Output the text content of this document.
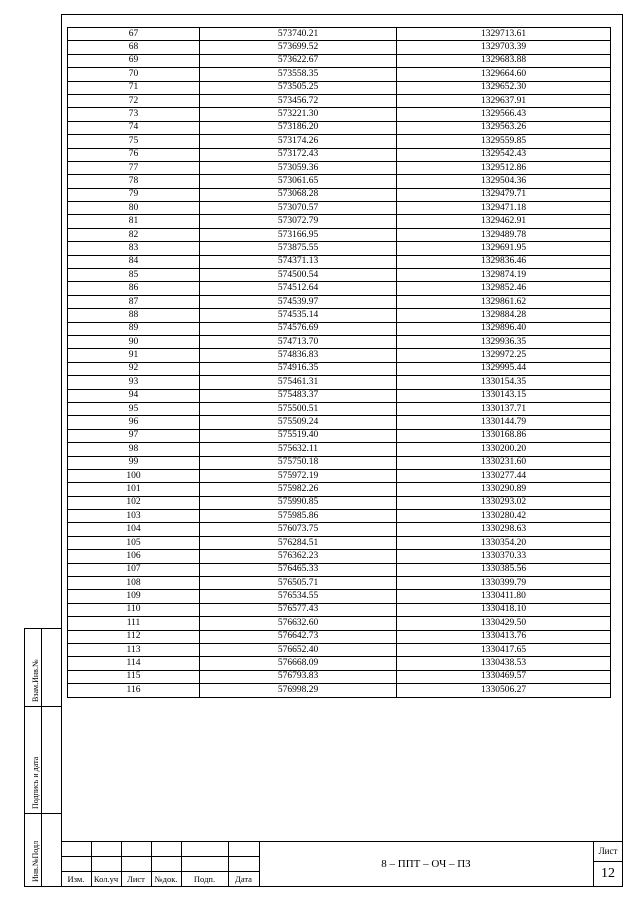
67	573740.21	1329713.61
68	573699.52	1329703.39
69	573622.67	1329683.88
70	573558.35	1329664.60
71	573505.25	1329652.30
72	573456.72	1329637.91
73	573221.30	1329566.43
74	573186.20	1329563.26
75	573174.26	1329559.85
76	573172.43	1329542.43
77	573059.36	1329512.86
78	573061.65	1329504.36
79	573068.28	1329479.71
80	573070.57	1329471.18
81	573072.79	1329462.91
82	573166.95	1329489.78
83	573875.55	1329691.95
84	574371.13	1329836.46
85	574500.54	1329874.19
86	574512.64	1329852.46
87	574539.97	1329861.62
88	574535.14	1329884.28
89	574576.69	1329896.40
90	574713.70	1329936.35
91	574836.83	1329972.25
92	574916.35	1329995.44
93	575461.31	1330154.35
94	575483.37	1330143.15
95	575500.51	1330137.71
96	575509.24	1330144.79
97	575519.40	1330168.86
98	575632.11	1330200.20
99	575750.18	1330231.60
100	575972.19	1330277.44
101	575982.26	1330290.89
102	575990.85	1330293.02
103	575985.86	1330280.42
104	576073.75	1330298.63
105	576284.51	1330354.20
106	576362.23	1330370.33
107	576465.33	1330385.56
108	576505.71	1330399.79
109	576534.55	1330411.80
110	576577.43	1330418.10
111	576632.60	1330429.50
112	576642.73	1330413.76
113	576652.40	1330417.65
114	576668.09	1330438.53
115	576793.83	1330469.57
116	576998.29	1330506.27
Взам.Инв.№
Подпись и дата
Инв.№Подл	Изм.	Кол.уч	Лист	№док.	Подп.	Дата
8 – ППТ – ОЧ – ПЗ
Лист
12
